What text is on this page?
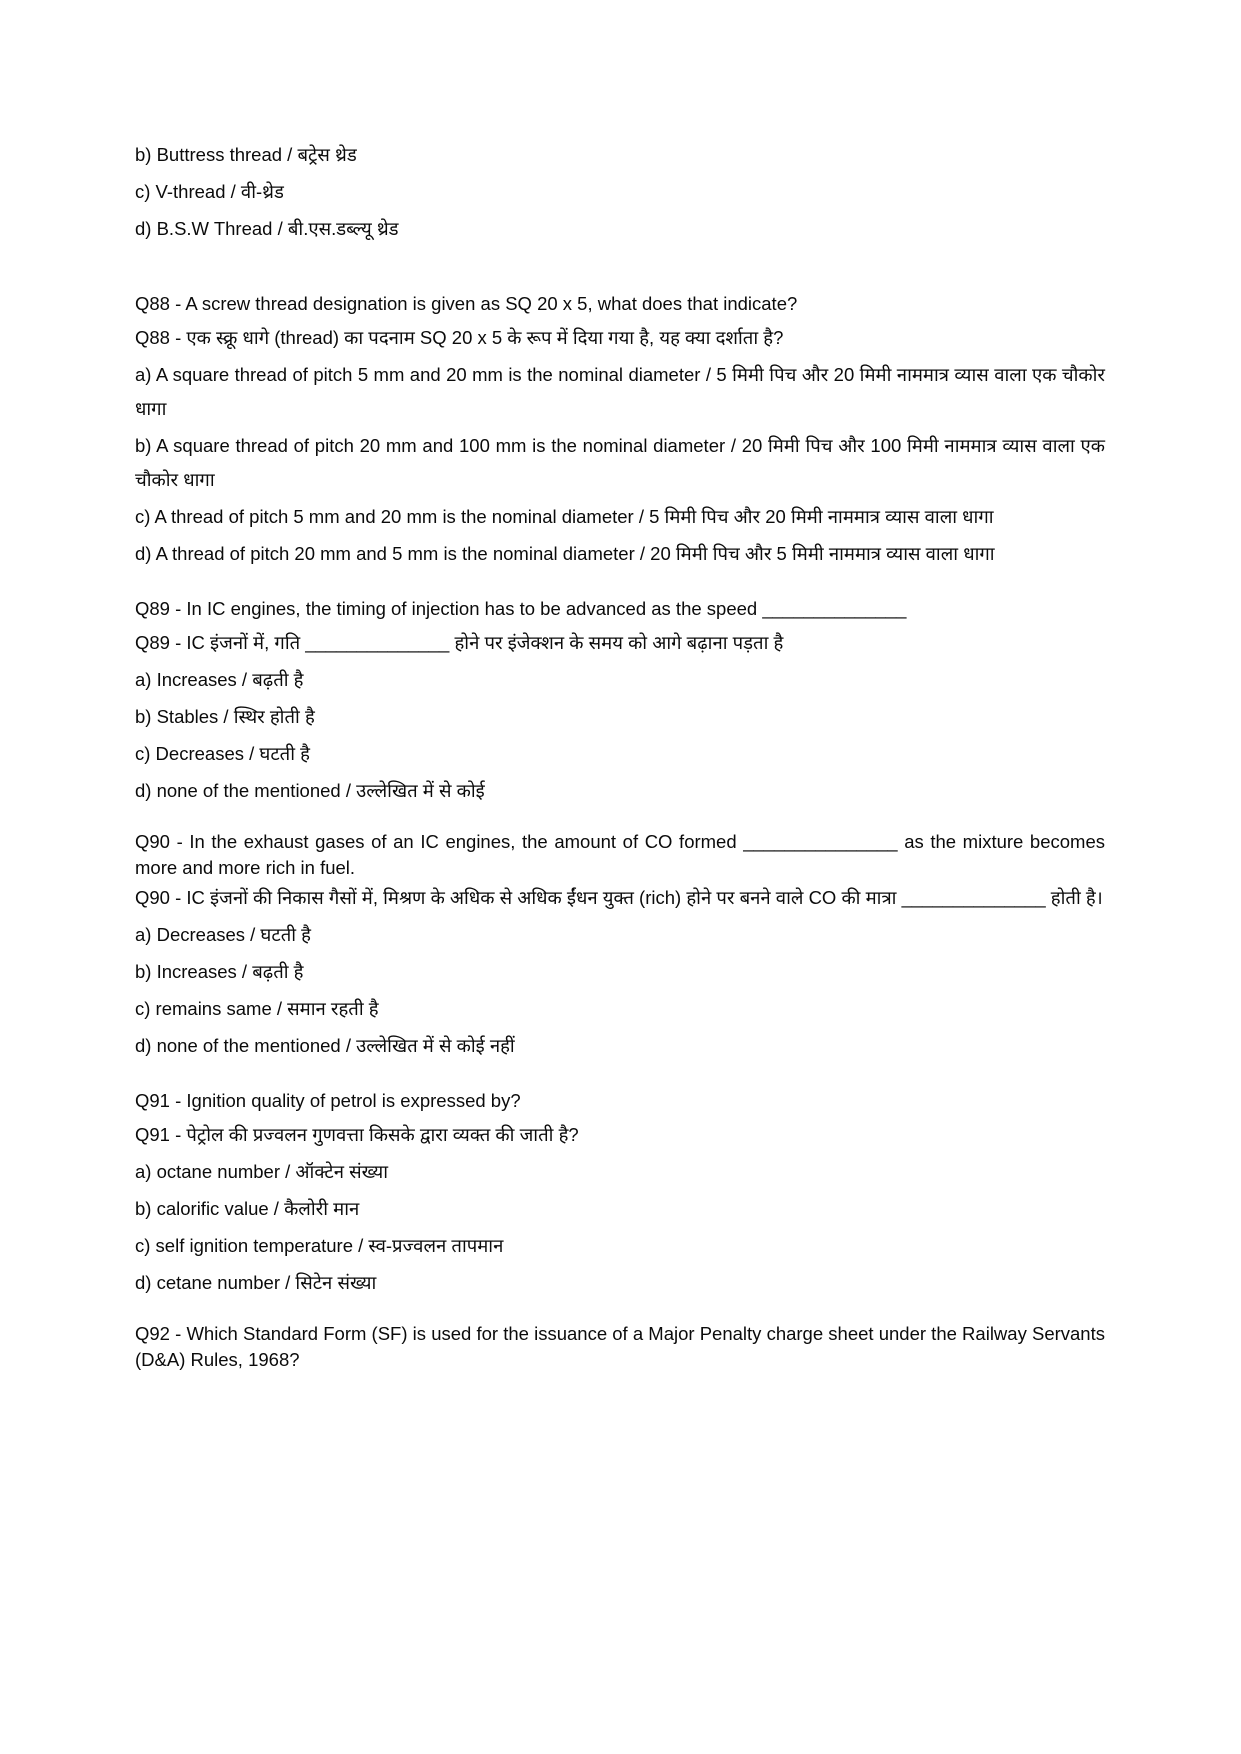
b) Buttress thread / बट्रेस थ्रेड

c) V-thread / वी-थ्रेड

d) B.S.W Thread / बी.एस.डब्ल्यू थ्रेड

Q88 - A screw thread designation is given as SQ 20 x 5, what does that indicate?

Q88 - एक स्क्रू धागे (thread) का पदनाम SQ 20 x 5 के रूप में दिया गया है, यह क्या दर्शाता है?

a) A square thread of pitch 5 mm and 20 mm is the nominal diameter / 5 मिमी पिच और 20 मिमी नाममात्र व्यास वाला एक चौकोर धागा

b) A square thread of pitch 20 mm and 100 mm is the nominal diameter / 20 मिमी पिच और 100 मिमी नाममात्र व्यास वाला एक चौकोर धागा

c) A thread of pitch 5 mm and 20 mm is the nominal diameter / 5 मिमी पिच और 20 मिमी नाममात्र व्यास वाला धागा

d) A thread of pitch 20 mm and 5 mm is the nominal diameter / 20 मिमी पिच और 5 मिमी नाममात्र व्यास वाला धागा

Q89 - In IC engines, the timing of injection has to be advanced as the speed ______________

Q89 - IC इंजनों में, गति ______________ होने पर इंजेक्शन के समय को आगे बढ़ाना पड़ता है

a) Increases / बढ़ती है

b) Stables / स्थिर होती है

c) Decreases / घटती है

d) none of the mentioned / उल्लेखित में से कोई

Q90 - In the exhaust gases of an IC engines, the amount of CO formed _______________ as the mixture becomes more and more rich in fuel.

Q90 - IC इंजनों की निकास गैसों में, मिश्रण के अधिक से अधिक ईंधन युक्त (rich) होने पर बनने वाले CO की मात्रा ______________ होती है।

a) Decreases / घटती है

b) Increases / बढ़ती है

c) remains same / समान रहती है

d) none of the mentioned / उल्लेखित में से कोई नहीं

Q91 - Ignition quality of petrol is expressed by?

Q91 - पेट्रोल की प्रज्वलन गुणवत्ता किसके द्वारा व्यक्त की जाती है?

a) octane number / ऑक्टेन संख्या

b) calorific value / कैलोरी मान

c) self ignition temperature / स्व-प्रज्वलन तापमान

d) cetane number / सिटेन संख्या

Q92 - Which Standard Form (SF) is used for the issuance of a Major Penalty charge sheet under the Railway Servants (D&A) Rules, 1968?
